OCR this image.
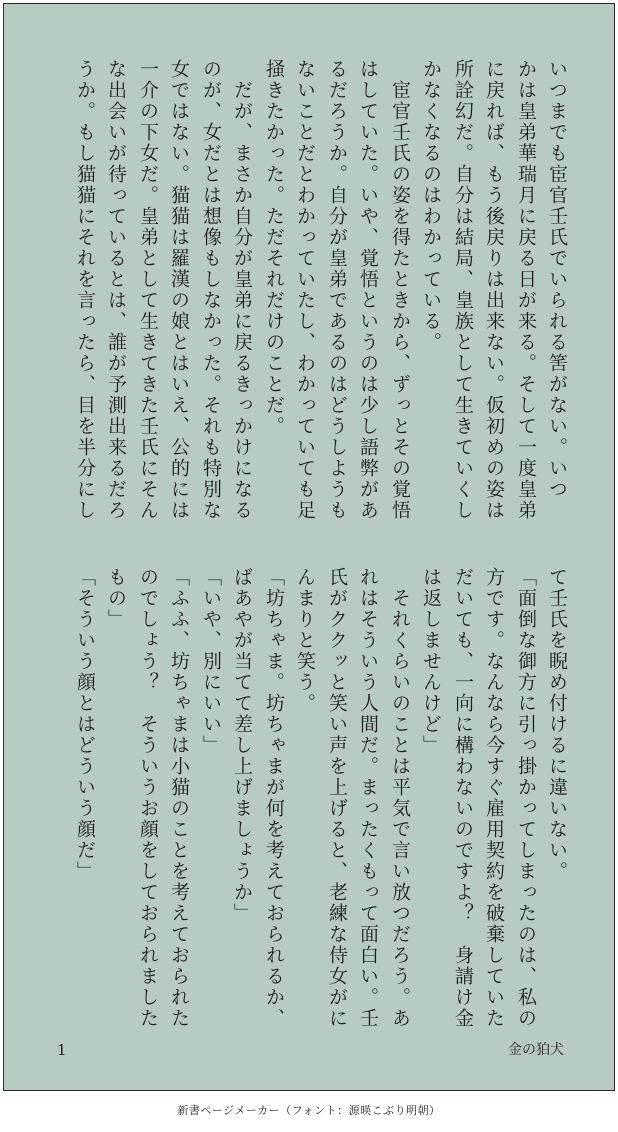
いつまでも宦官壬氏でいられる筈がない。いつ
かは皇弟華瑞月に戻る日が来る。そして一度皇弟
に戻れば、もう後戻りは出来ない。仮初めの姿は
所詮幻だ。自分は結局、皇族として生きていくし
かなくなるのはわかっている。
　宦官壬氏の姿を得たときから、ずっとその覚悟
はしていた。いや、覚悟というのは少し語弊があ
るだろうか。自分が皇弟であるのはどうしようも
ないことだとわかっていたし、わかっていても足
掻きたかった。ただそれだけのことだ。
　だが、まさか自分が皇弟に戻るきっかけになる
のが、女だとは想像もしなかった。それも特別な
女ではない。猫猫は羅漢の娘とはいえ、公的には
一介の下女だ。皇弟として生きてきた壬氏にそん
な出会いが待っているとは、誰が予測出来るだろ
うか。もし猫猫にそれを言ったら、目を半分にし
て壬氏を睨め付けるに違いない。
「面倒な御方に引っ掛かってしまったのは、私の
方です。なんなら今すぐ雇用契約を破棄していた
だいても、一向に構わないのですよ？　身請け金
は返しませんけど」
　それくらいのことは平気で言い放つだろう。あ
れはそういう人間だ。まったくもって面白い。壬
氏がククッと笑い声を上げると、老練な侍女がに
んまりと笑う。
「坊ちゃま。坊ちゃまが何を考えておられるか、
ばあやが当てて差し上げましょうか」
「いや、別にいい」
「ふふ、坊ちゃまは小猫のことを考えておられた
のでしょう？　そういうお顔をしておられました
もの」
「そういう顔とはどういう顔だ」
1	金の狛犬
新書ページメーカー（フォント：源暎こぶり明朝）
